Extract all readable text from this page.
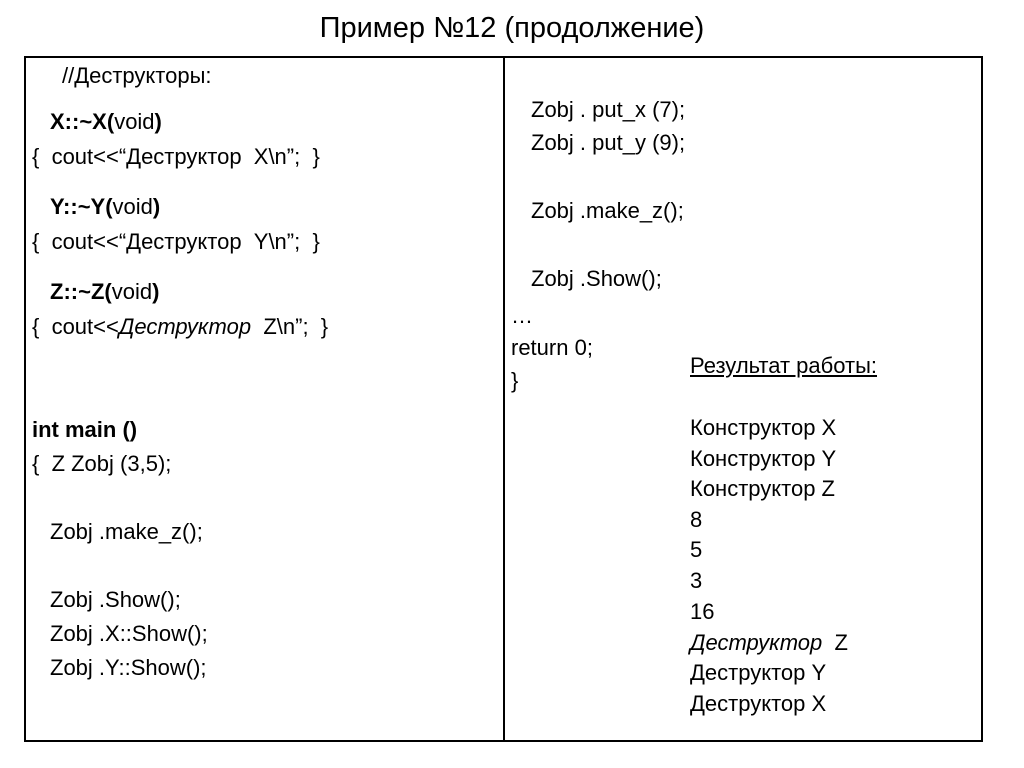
Пример №12 (продолжение)
//Деструкторы:
X::~X(void)
{  cout<<“Деструктор  X\n”;  }
Y::~Y(void)
{  cout<<“Деструктор  Y\n”;  }
Z::~Z(void)
{  cout<<Деструктор  Z\n”;  }
int main ()
{  Z Zobj (3,5);
Zobj .make_z();
Zobj .Show();
Zobj .X::Show();
Zobj .Y::Show();
Zobj . put_x (7);
Zobj . put_y (9);
Zobj .make_z();
Zobj .Show();
…
return 0;
}
Результат работы:
Конструктор X
Конструктор Y
Конструктор Z
8
5
3
16
Деструктор  Z
Деструктор Y
Деструктор X
